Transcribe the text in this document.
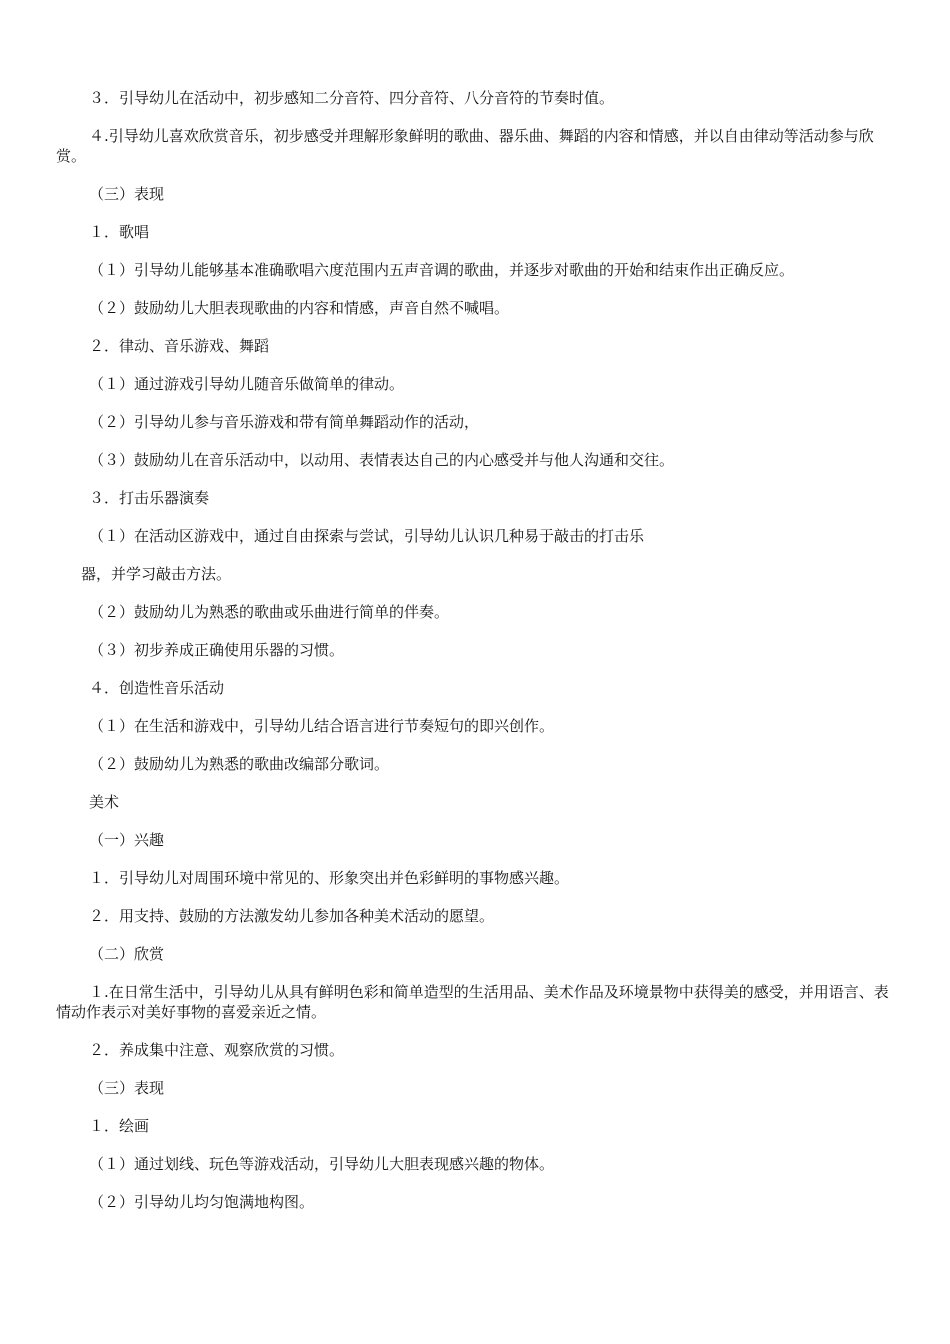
３．引导幼儿在活动中，初步感知二分音符、四分音符、八分音符的节奏时值。

４.引导幼儿喜欢欣赏音乐，初步感受并理解形象鲜明的歌曲、器乐曲、舞蹈的内容和情感，并以自由律动等活动参与欣赏。

（三）表现

１．歌唱

（１）引导幼儿能够基本准确歌唱六度范围内五声音调的歌曲，并逐步对歌曲的开始和结束作出正确反应。

（２）鼓励幼儿大胆表现歌曲的内容和情感，声音自然不喊唱。

２．律动、音乐游戏、舞蹈

（１）通过游戏引导幼儿随音乐做简单的律动。

（２）引导幼儿参与音乐游戏和带有简单舞蹈动作的活动，

（３）鼓励幼儿在音乐活动中，以动用、表情表达自己的内心感受并与他人沟通和交往。

３．打击乐器演奏

（１）在活动区游戏中，通过自由探索与尝试，引导幼儿认识几种易于敲击的打击乐

器，并学习敲击方法。

（２）鼓励幼儿为熟悉的歌曲或乐曲进行简单的伴奏。

（３）初步养成正确使用乐器的习惯。

４．创造性音乐活动

（１）在生活和游戏中，引导幼儿结合语言进行节奏短句的即兴创作。

（２）鼓励幼儿为熟悉的歌曲改编部分歌词。

美术

（一）兴趣

１．引导幼儿对周围环境中常见的、形象突出并色彩鲜明的事物感兴趣。

２．用支持、鼓励的方法激发幼儿参加各种美术活动的愿望。

（二）欣赏

１.在日常生活中，引导幼儿从具有鲜明色彩和简单造型的生活用品、美术作品及环境景物中获得美的感受，并用语言、表情动作表示对美好事物的喜爱亲近之情。

２．养成集中注意、观察欣赏的习惯。

（三）表现

１．绘画

（１）通过划线、玩色等游戏活动，引导幼儿大胆表现感兴趣的物体。

（２）引导幼儿均匀饱满地构图。
